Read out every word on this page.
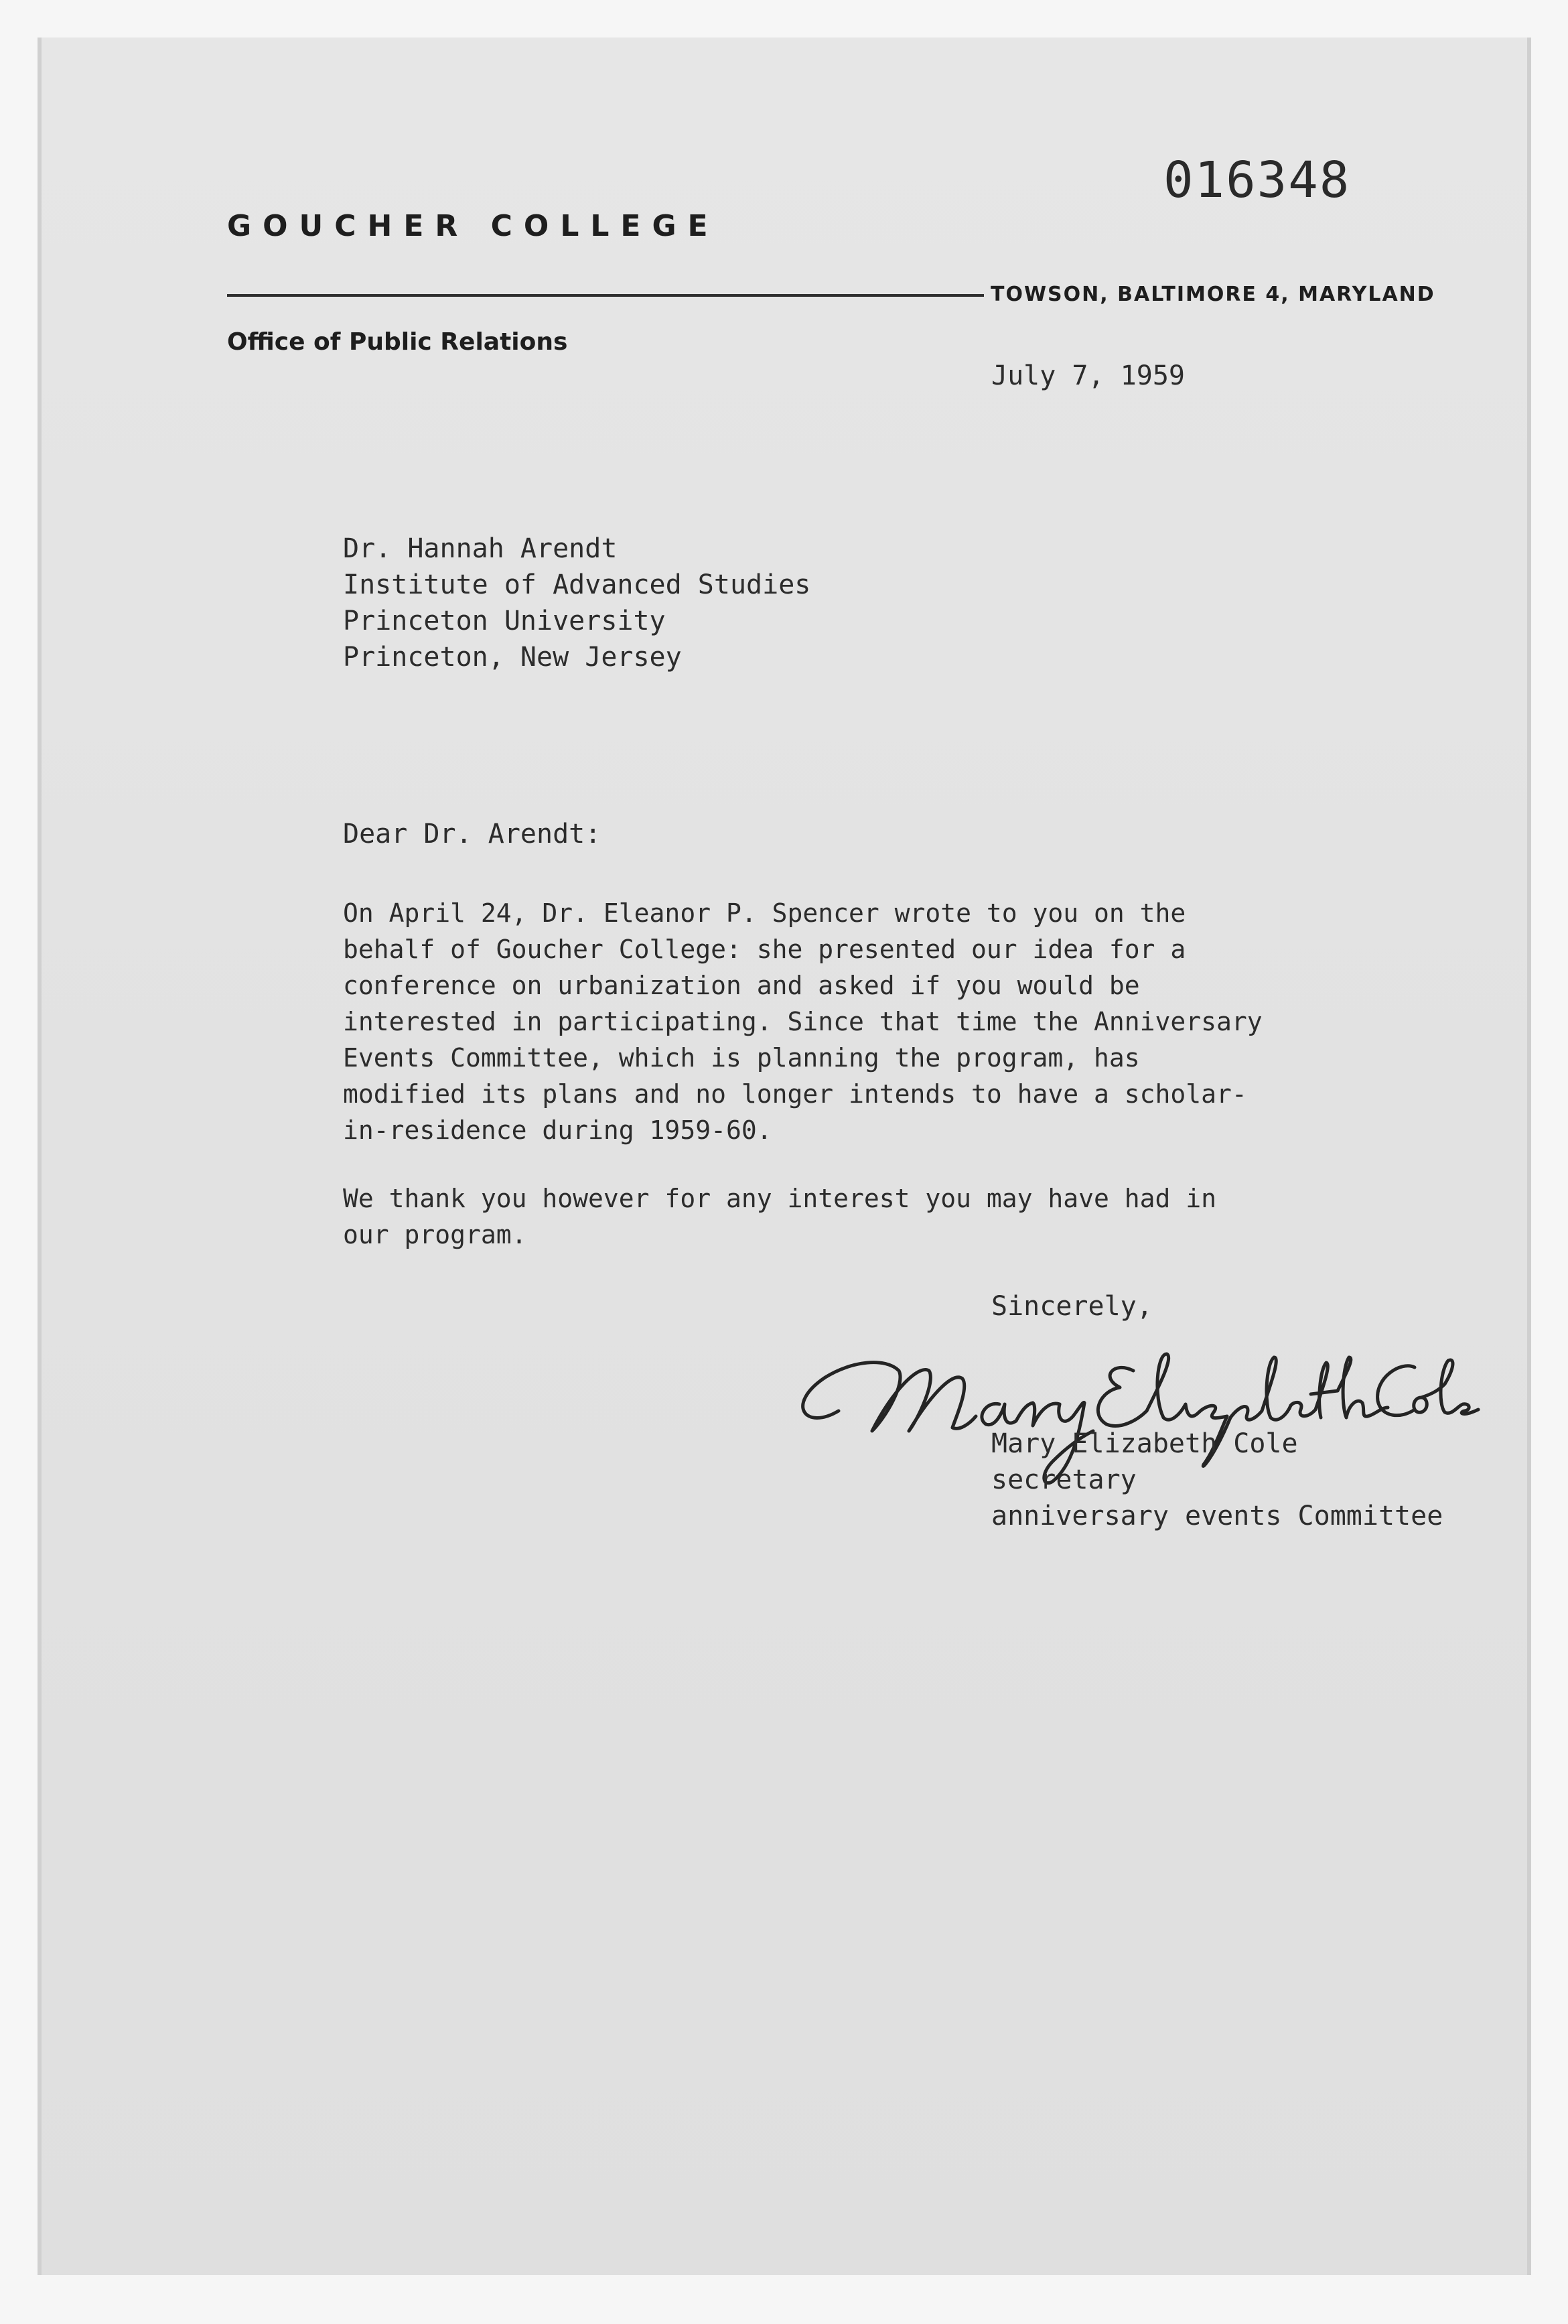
016348
GOUCHER COLLEGE
TOWSON, BALTIMORE 4, MARYLAND
Office of Public Relations
July 7, 1959
Dr. Hannah Arendt
Institute of Advanced Studies
Princeton University
Princeton, New Jersey
Dear Dr. Arendt:
On April 24, Dr. Eleanor P. Spencer wrote to you on the
behalf of Goucher College: she presented our idea for a
conference on urbanization and asked if you would be
interested in participating. Since that time the Anniversary
Events Committee, which is planning the program, has
modified its plans and no longer intends to have a scholar-
in-residence during 1959-60.
We thank you however for any interest you may have had in
our program.
Sincerely,
Mary Elizabeth Cole
secretary
anniversary events Committee
